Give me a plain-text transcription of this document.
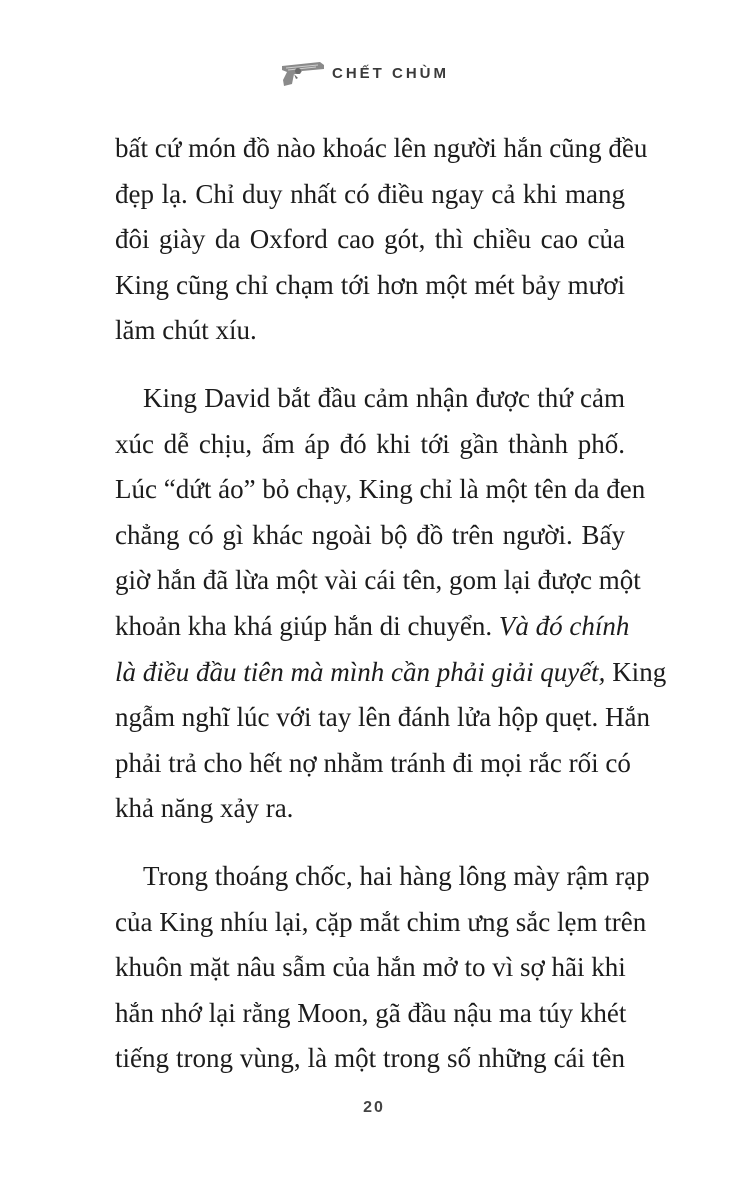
CHẾT CHÙM

bất cứ món đồ nào khoác lên người hắn cũng đều
đẹp lạ. Chỉ duy nhất có điều ngay cả khi mang
đôi giày da Oxford cao gót, thì chiều cao của
King cũng chỉ chạm tới hơn một mét bảy mươi
lăm chút xíu.

King David bắt đầu cảm nhận được thứ cảm
xúc dễ chịu, ấm áp đó khi tới gần thành phố.
Lúc “dứt áo” bỏ chạy, King chỉ là một tên da đen
chẳng có gì khác ngoài bộ đồ trên người. Bấy
giờ hắn đã lừa một vài cái tên, gom lại được một
khoản kha khá giúp hắn di chuyển. Và đó chính
là điều đầu tiên mà mình cần phải giải quyết, King
ngẫm nghĩ lúc với tay lên đánh lửa hộp quẹt. Hắn
phải trả cho hết nợ nhằm tránh đi mọi rắc rối có
khả năng xảy ra.

Trong thoáng chốc, hai hàng lông mày rậm rạp
của King nhíu lại, cặp mắt chim ưng sắc lẹm trên
khuôn mặt nâu sẫm của hắn mở to vì sợ hãi khi
hắn nhớ lại rằng Moon, gã đầu nậu ma túy khét
tiếng trong vùng, là một trong số những cái tên

20
